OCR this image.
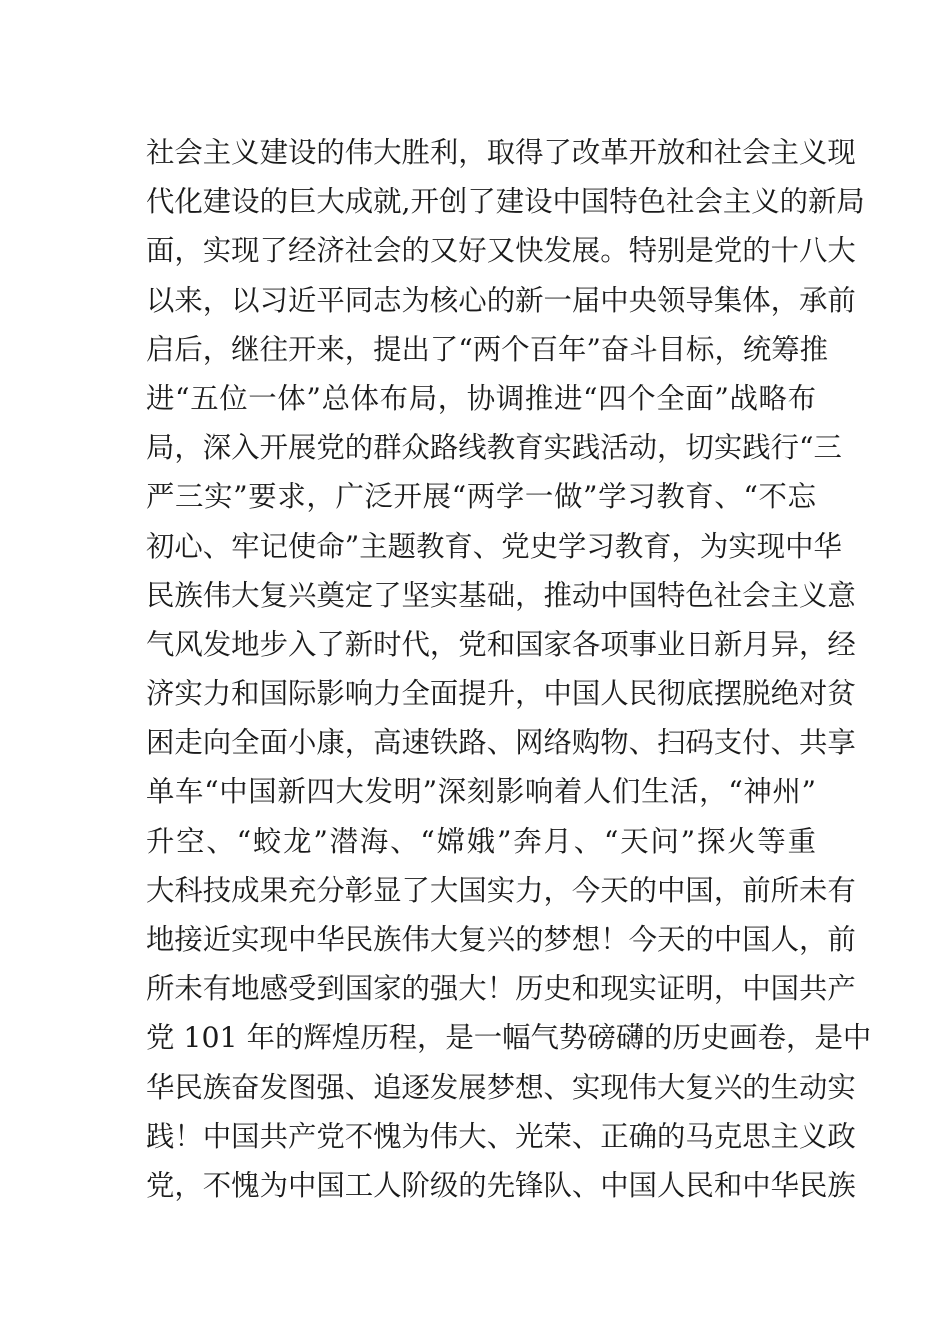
社会主义建设的伟大胜利，取得了改革开放和社会主义现
代化建设的巨大成就,开创了建设中国特色社会主义的新局
面，实现了经济社会的又好又快发展。特别是党的十八大
以来，以习近平同志为核心的新一届中央领导集体，承前
启后，继往开来，提出了“两个百年”奋斗目标，统筹推
进“五位一体”总体布局，协调推进“四个全面”战略布
局，深入开展党的群众路线教育实践活动，切实践行“三
严三实”要求，广泛开展“两学一做”学习教育、“不忘
初心、牢记使命”主题教育、党史学习教育，为实现中华
民族伟大复兴奠定了坚实基础，推动中国特色社会主义意
气风发地步入了新时代，党和国家各项事业日新月异，经
济实力和国际影响力全面提升，中国人民彻底摆脱绝对贫
困走向全面小康，高速铁路、网络购物、扫码支付、共享
单车“中国新四大发明”深刻影响着人们生活，“神州”
升空、“蛟龙”潜海、“嫦娥”奔月、“天问”探火等重
大科技成果充分彰显了大国实力，今天的中国，前所未有
地接近实现中华民族伟大复兴的梦想！今天的中国人，前
所未有地感受到国家的强大！历史和现实证明，中国共产
党 101 年的辉煌历程，是一幅气势磅礴的历史画卷，是中
华民族奋发图强、追逐发展梦想、实现伟大复兴的生动实
践！中国共产党不愧为伟大、光荣、正确的马克思主义政
党，不愧为中国工人阶级的先锋队、中国人民和中华民族
